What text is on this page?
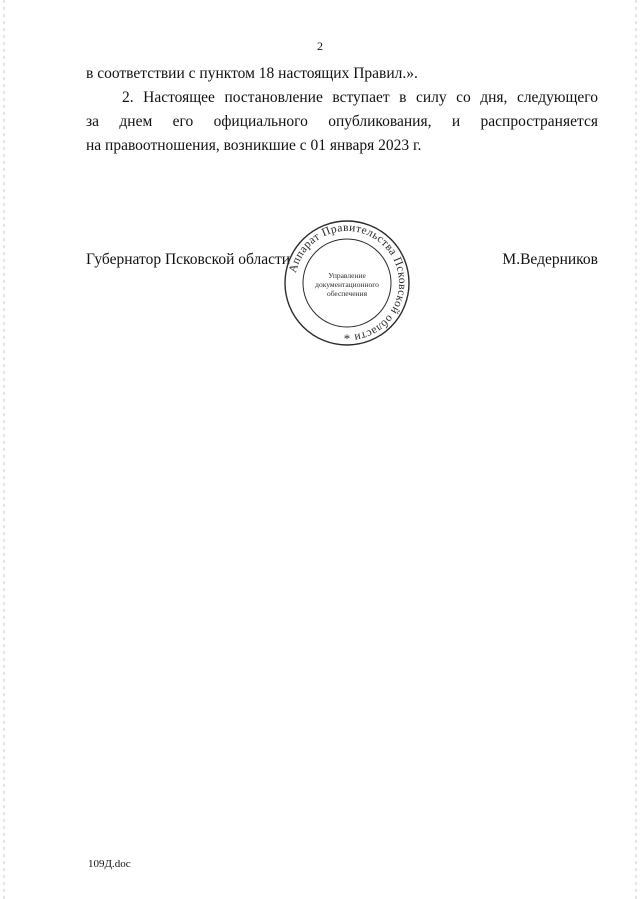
2
в соответствии с пунктом 18 настоящих Правил.».
2. Настоящее постановление вступает в силу со дня, следующего
за днем его официального опубликования, и распространяется
на правоотношения, возникшие с 01 января 2023 г.
Губернатор Псковской области	М.Ведерников
Аппарат Правительства Псковской области
Управление
документационного
обеспечения
*
109Д.doc
